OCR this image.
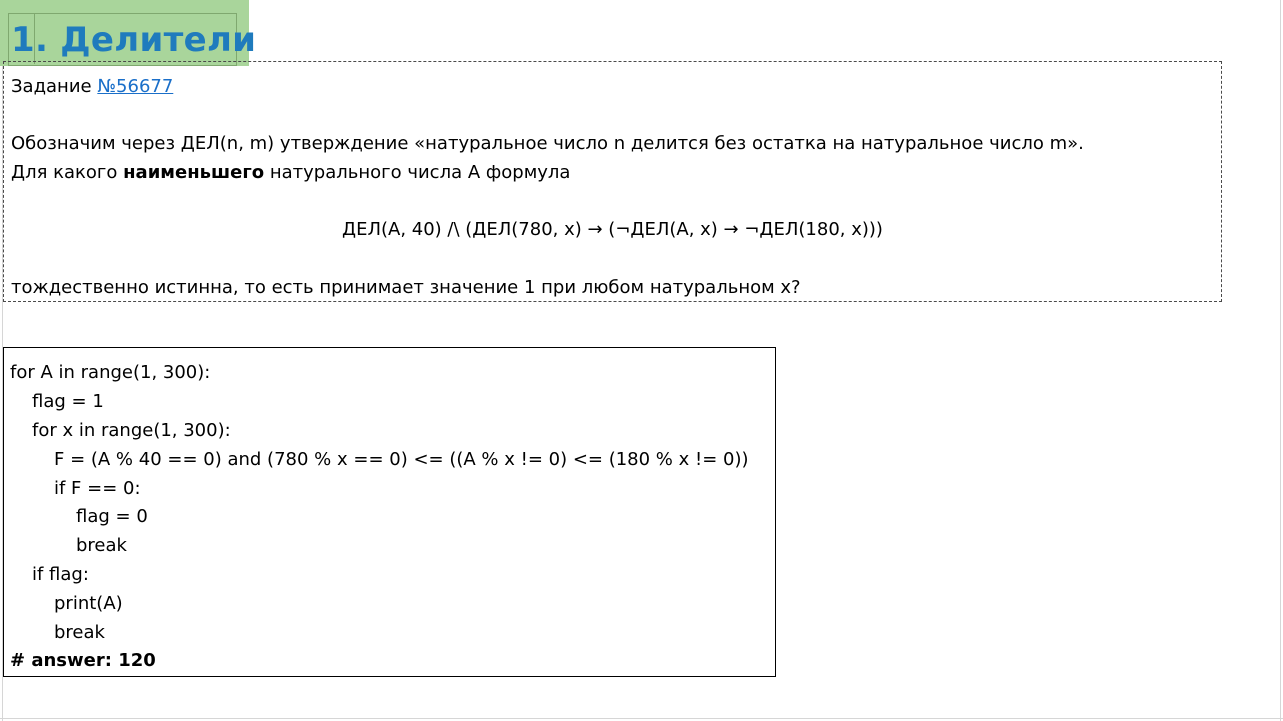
1. Делители
Задание №56677
Обозначим через ДЕЛ(n, m) утверждение «натуральное число n делится без остатка на натуральное число m».
Для какого наименьшего натурального числа А формула
ДЕЛ(A, 40) /\ (ДЕЛ(780, x) → (¬ДЕЛ(A, x) → ¬ДЕЛ(180, x)))
тождественно истинна, то есть принимает значение 1 при любом натуральном x?
for A in range(1, 300):
flag = 1
for x in range(1, 300):
F = (A % 40 == 0) and (780 % x == 0) <= ((A % x != 0) <= (180 % x != 0))
if F == 0:
flag = 0
break
if flag:
print(A)
break
# answer: 120
